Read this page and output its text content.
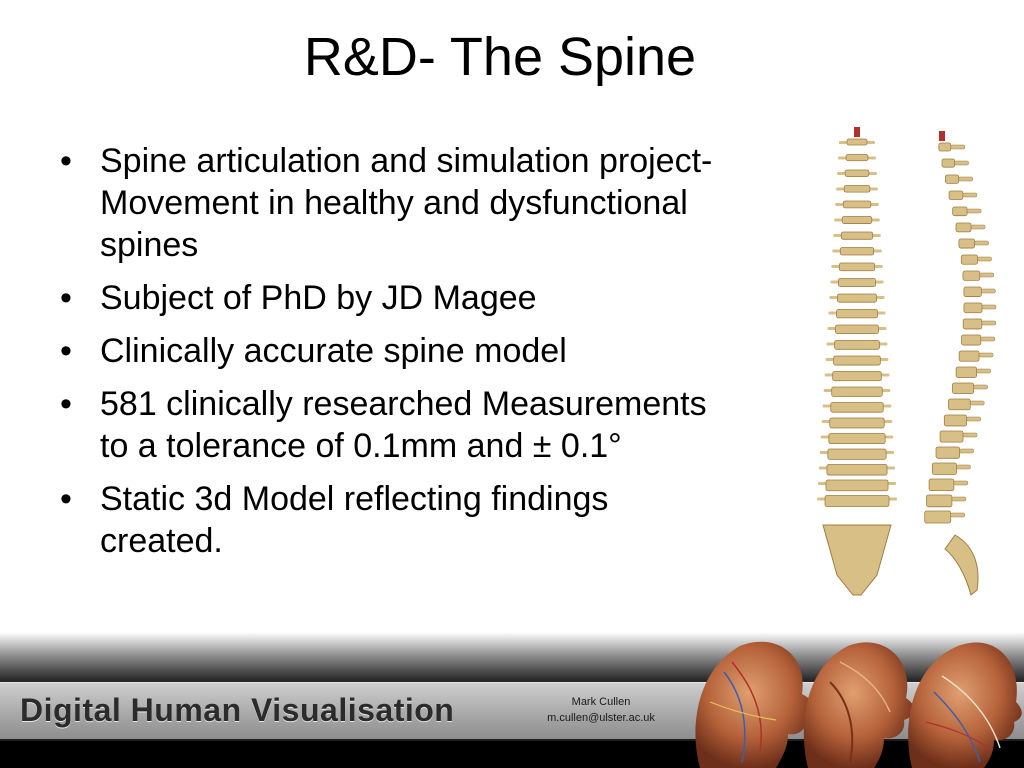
R&D- The Spine
• Spine articulation and simulation project- Movement in healthy and dysfunctional spines
• Subject of PhD by JD Magee
• Clinically accurate spine model
• 581 clinically researched Measurements to a tolerance of 0.1mm and ± 0.1°
• Static 3d Model reflecting findings created.
Digital Human Visualisation	Mark Cullen
m.cullen@ulster.ac.uk
